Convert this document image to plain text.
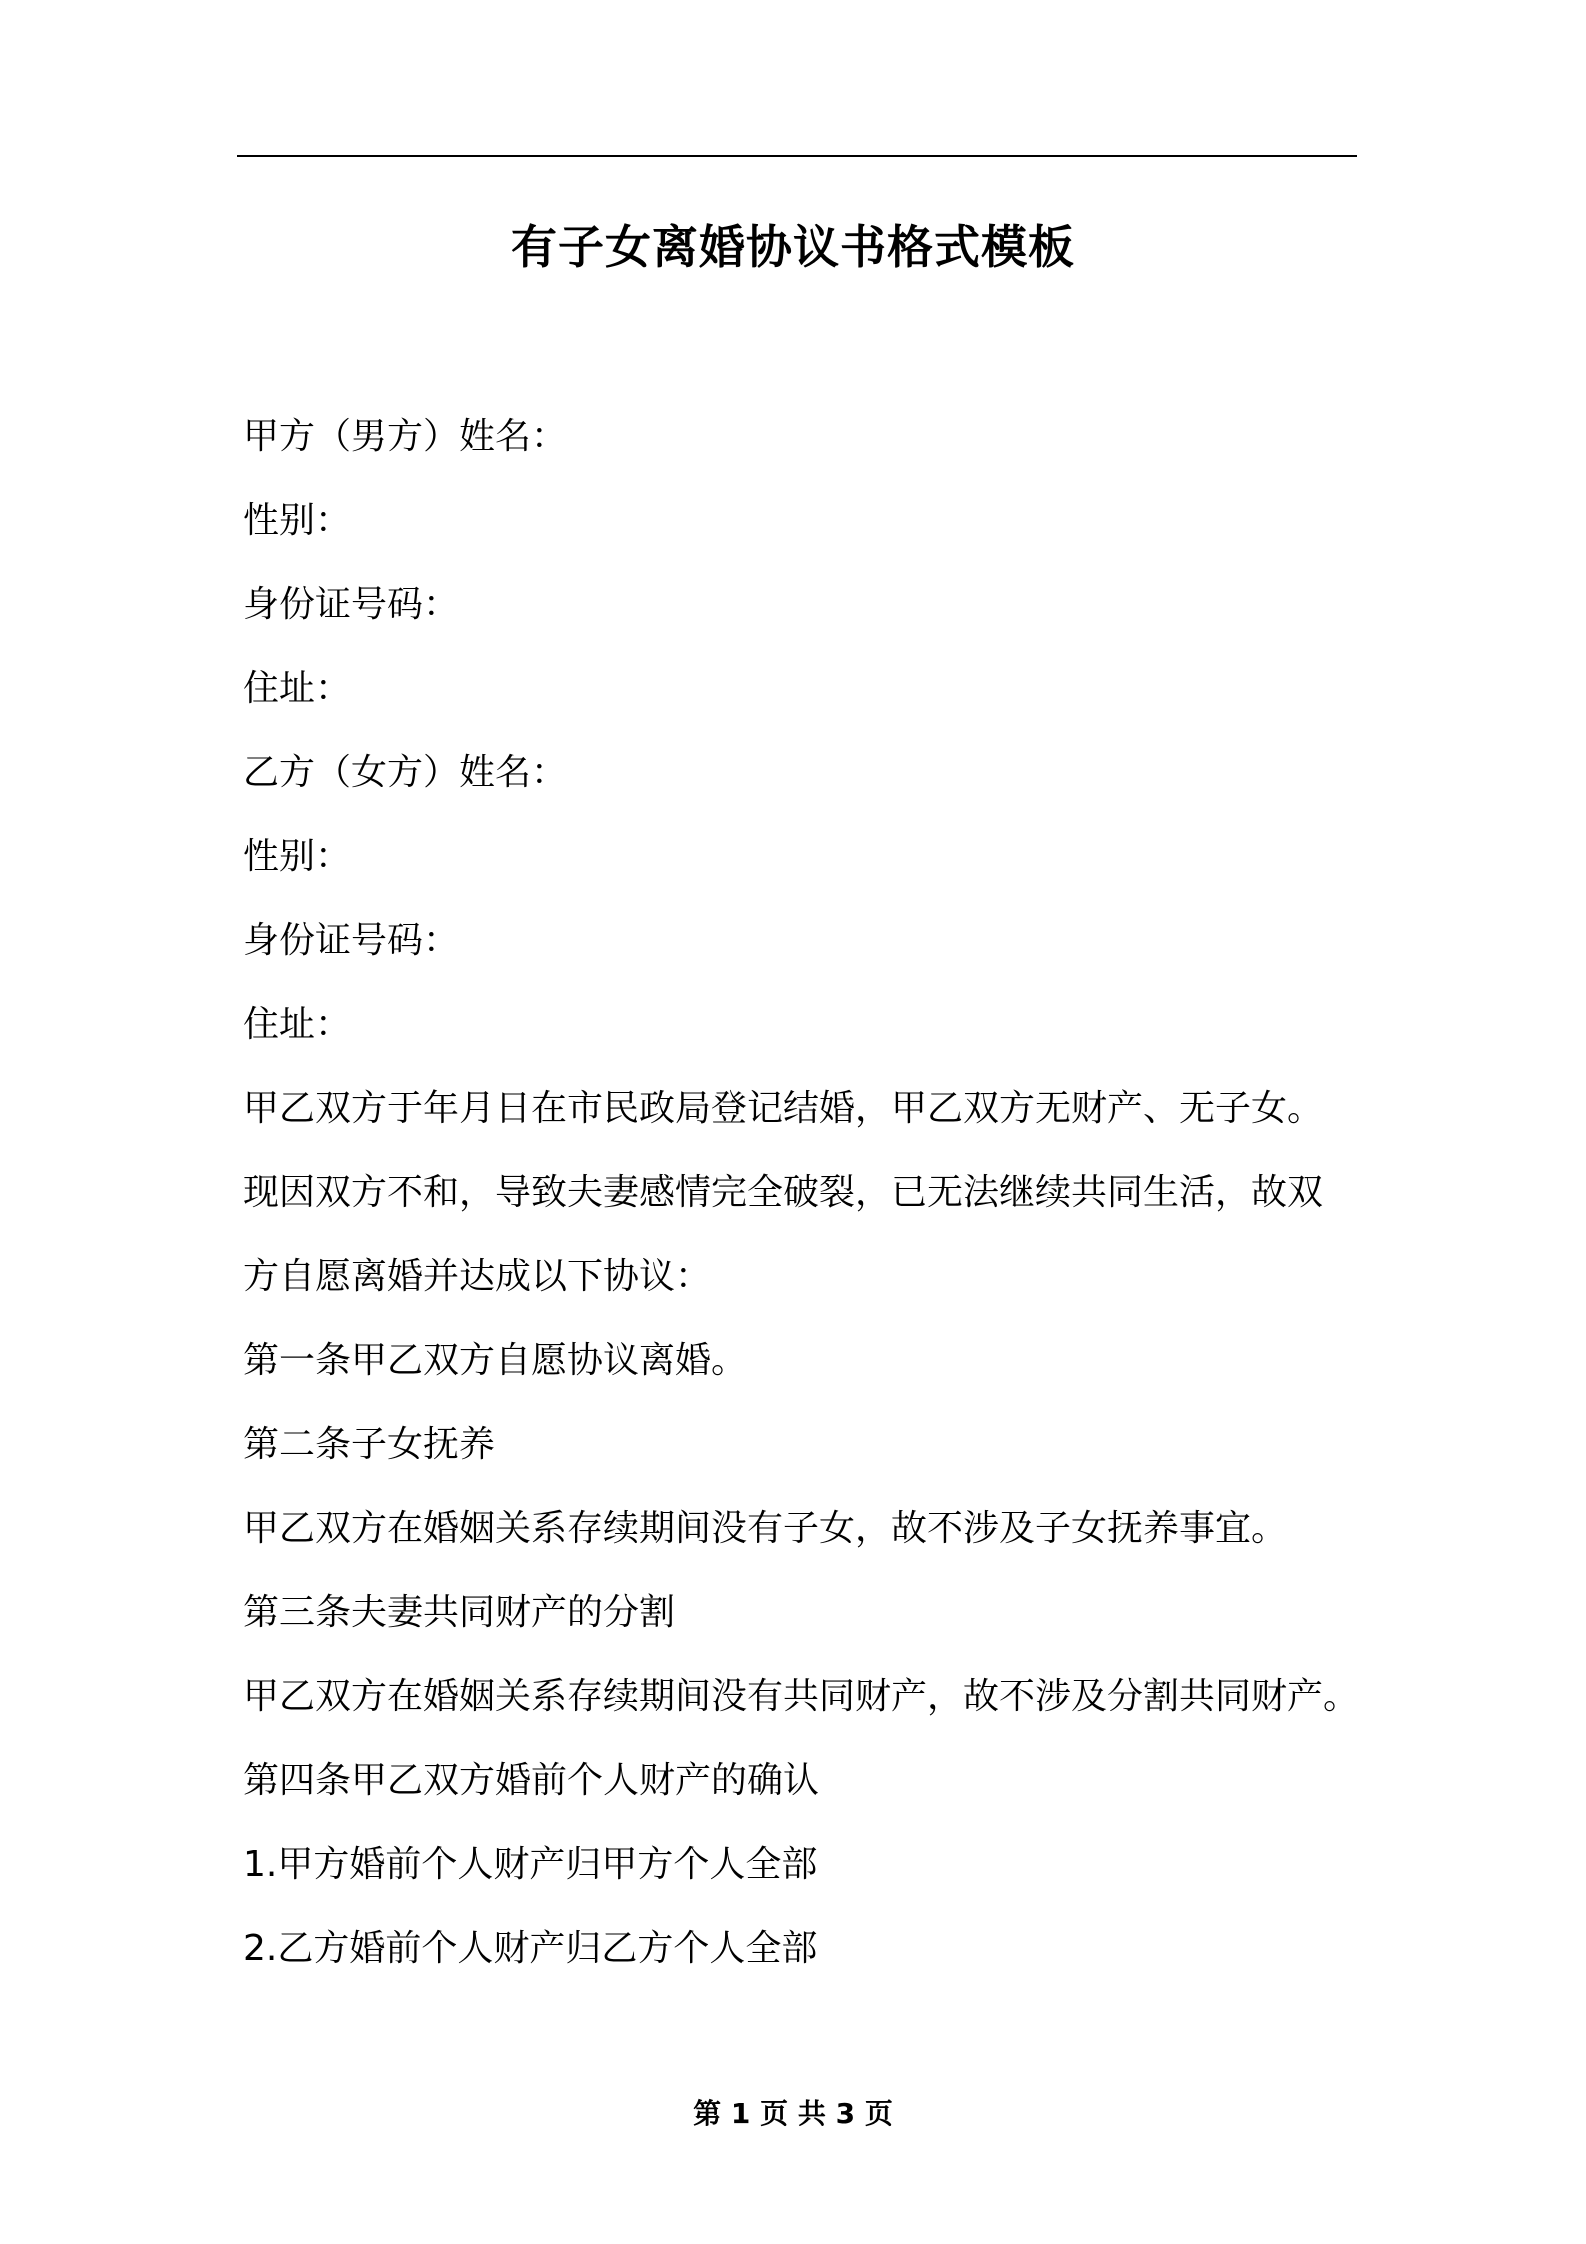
有子女离婚协议书格式模板
甲方（男方）姓名：
性别：
身份证号码：
住址：
乙方（女方）姓名：
性别：
身份证号码：
住址：
甲乙双方于年月日在市民政局登记结婚，甲乙双方无财产、无子女。
现因双方不和，导致夫妻感情完全破裂，已无法继续共同生活，故双
方自愿离婚并达成以下协议：
第一条甲乙双方自愿协议离婚。
第二条子女抚养
甲乙双方在婚姻关系存续期间没有子女，故不涉及子女抚养事宜。
第三条夫妻共同财产的分割
甲乙双方在婚姻关系存续期间没有共同财产，故不涉及分割共同财产。
第四条甲乙双方婚前个人财产的确认
1.甲方婚前个人财产归甲方个人全部
2.乙方婚前个人财产归乙方个人全部
第 1 页 共 3 页
